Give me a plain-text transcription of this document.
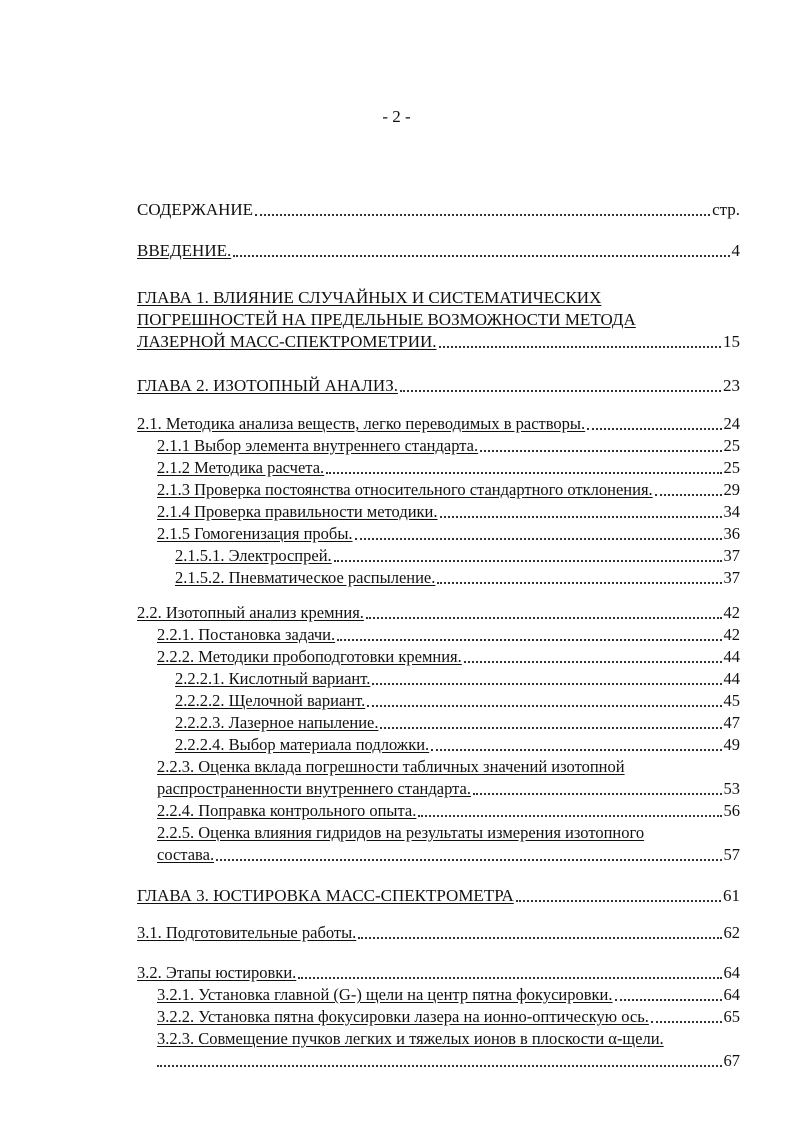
- 2 -
СОДЕРЖАНИЕ	стр.
ВВЕДЕНИЕ.	4
ГЛАВА 1. ВЛИЯНИЕ СЛУЧАЙНЫХ И СИСТЕМАТИЧЕСКИХ
ПОГРЕШНОСТЕЙ НА ПРЕДЕЛЬНЫЕ ВОЗМОЖНОСТИ МЕТОДА
ЛАЗЕРНОЙ МАСС-СПЕКТРОМЕТРИИ.	15
ГЛАВА 2. ИЗОТОПНЫЙ АНАЛИЗ.	23
2.1. Методика анализа веществ, легко переводимых в растворы.	24
2.1.1 Выбор элемента внутреннего стандарта.	25
2.1.2 Методика расчета.	25
2.1.3 Проверка постоянства относительного стандартного отклонения.	29
2.1.4 Проверка правильности методики.	34
2.1.5 Гомогенизация пробы.	36
2.1.5.1. Электроспрей.	37
2.1.5.2. Пневматическое распыление.	37
2.2. Изотопный анализ кремния.	42
2.2.1. Постановка задачи.	42
2.2.2. Методики пробоподготовки кремния.	44
2.2.2.1. Кислотный вариант.	44
2.2.2.2. Щелочной вариант.	45
2.2.2.3. Лазерное напыление.	47
2.2.2.4. Выбор материала подложки.	49
2.2.3. Оценка вклада погрешности табличных значений изотопной
распространенности внутреннего стандарта.	53
2.2.4. Поправка контрольного опыта.	56
2.2.5. Оценка влияния гидридов на результаты измерения изотопного
состава.	57
ГЛАВА 3. ЮСТИРОВКА МАСС-СПЕКТРОМЕТРА	61
3.1. Подготовительные работы.	62
3.2. Этапы юстировки.	64
3.2.1. Установка главной (G-) щели на центр пятна фокусировки.	64
3.2.2. Установка пятна фокусировки лазера на ионно-оптическую ось.	65
3.2.3. Совмещение пучков легких и тяжелых ионов в плоскости α-щели.
67
